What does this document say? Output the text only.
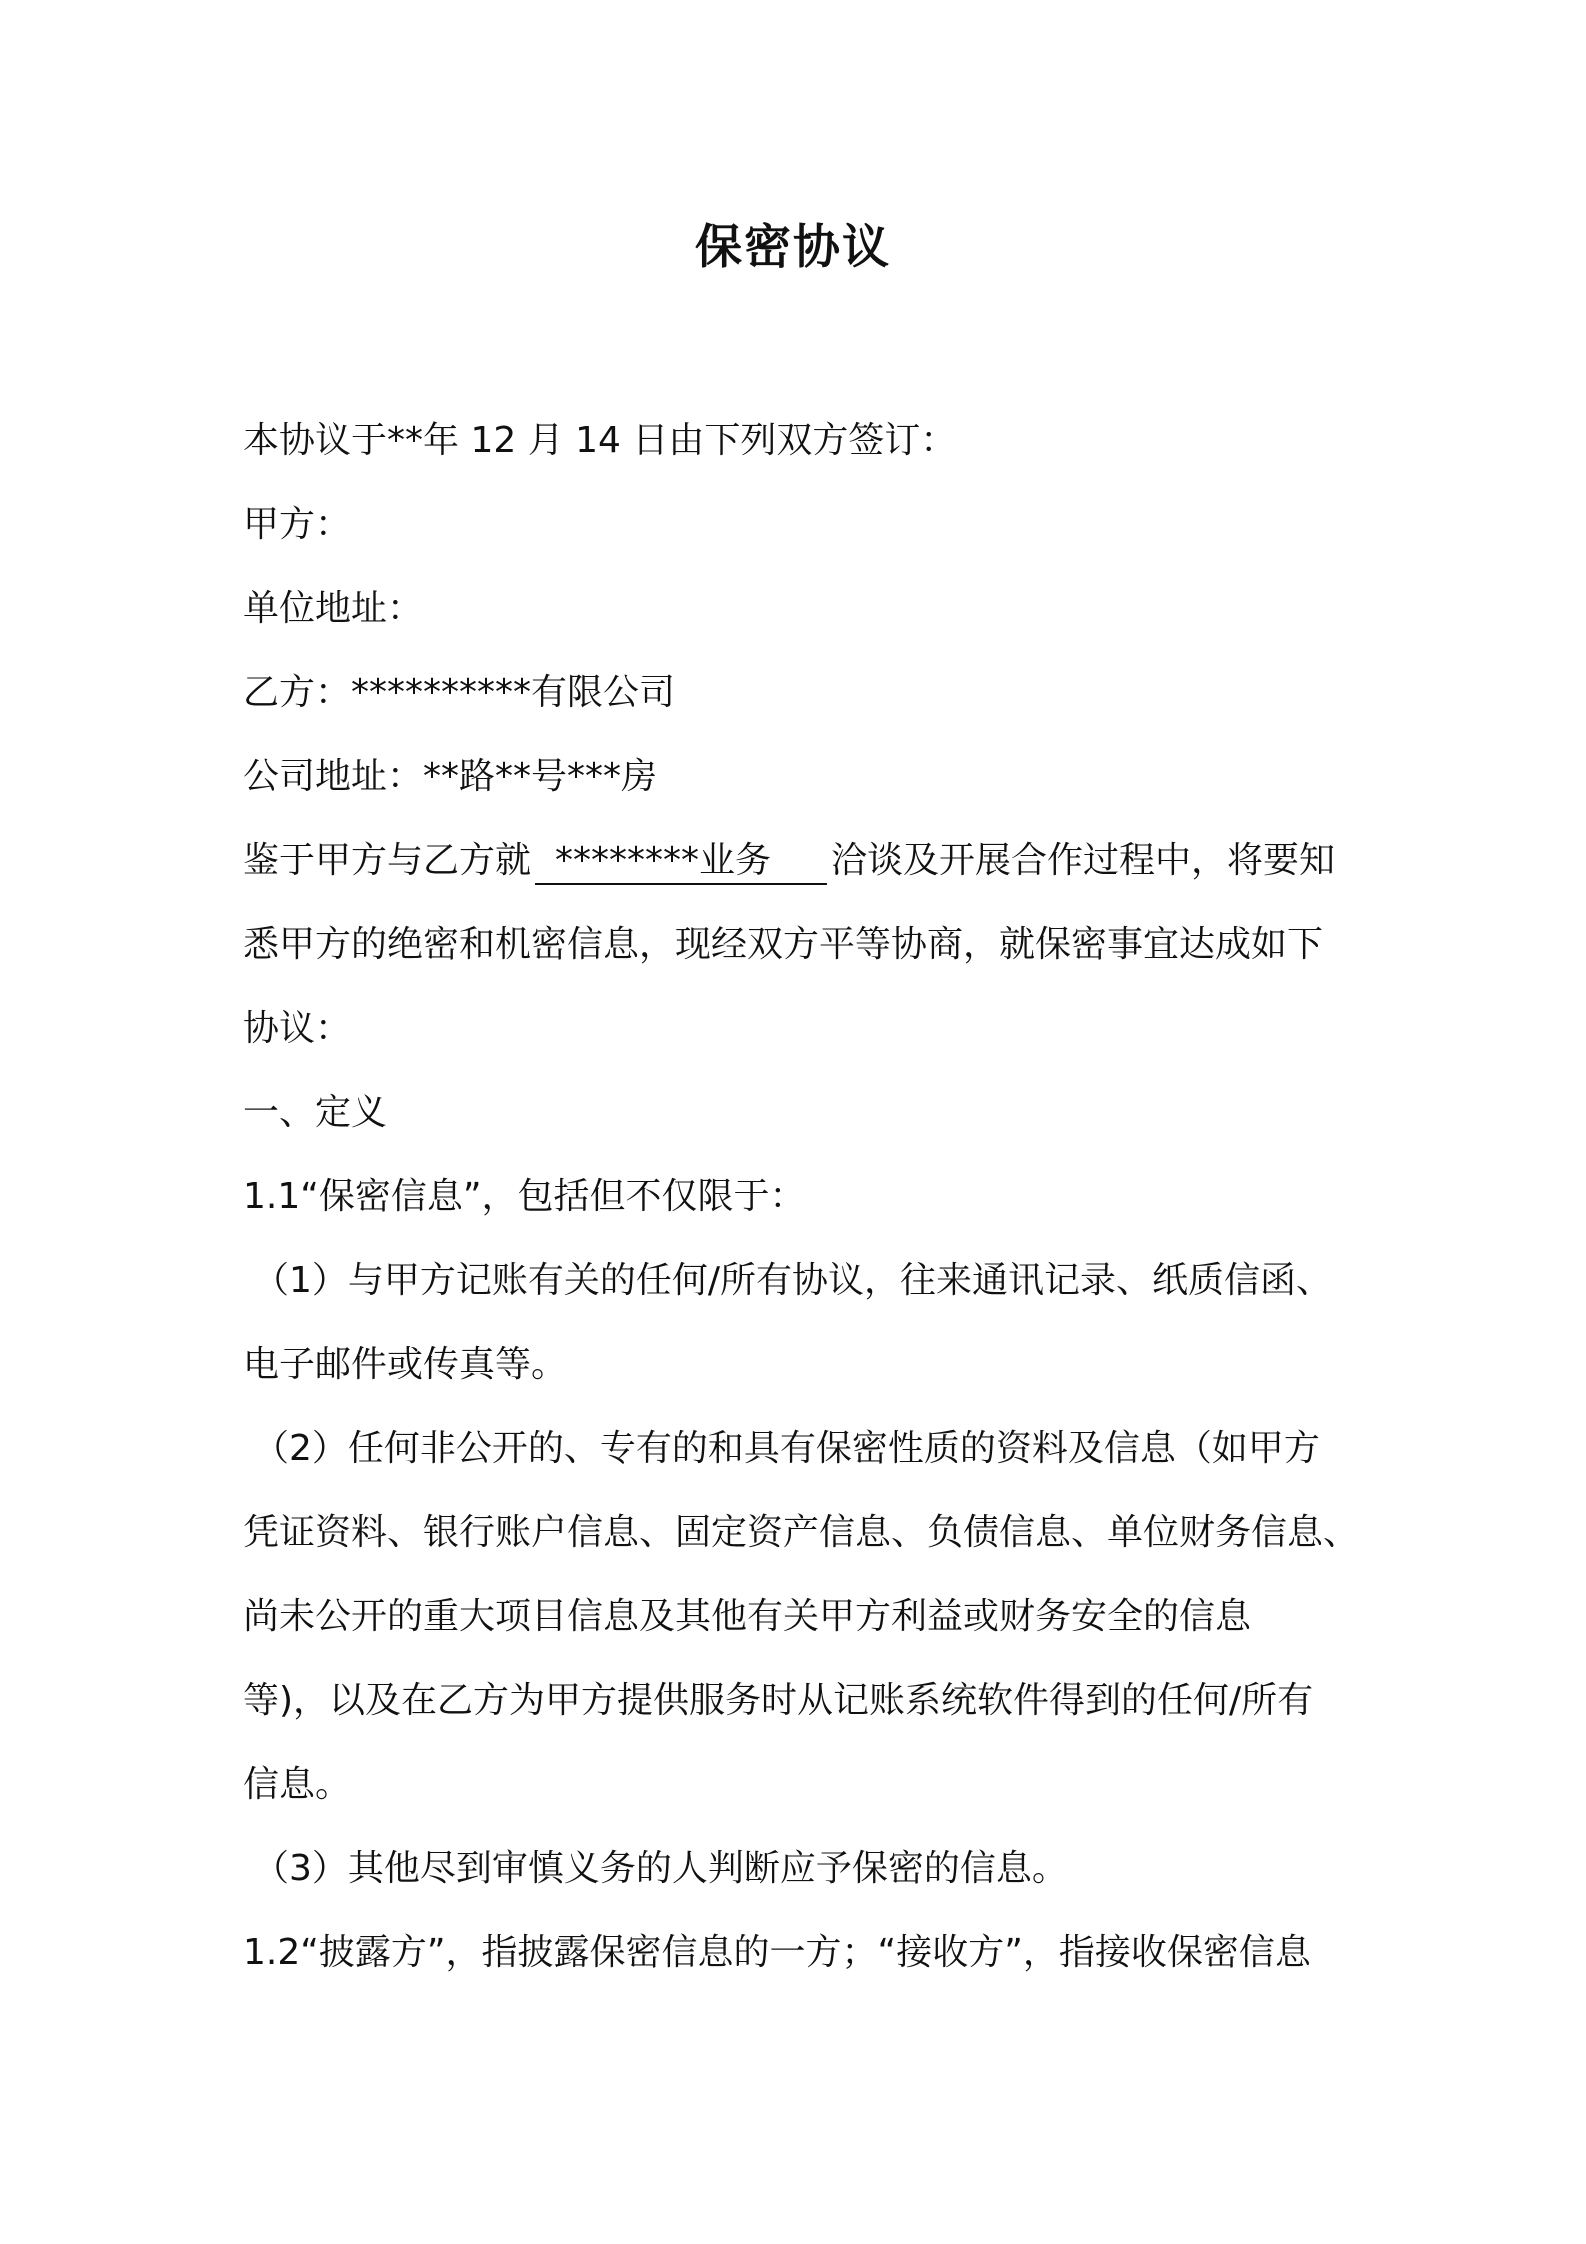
保密协议
本协议于**年 12 月 14 日由下列双方签订：
甲方：
单位地址：
乙方：**********有限公司
公司地址：**路**号***房
鉴于甲方与乙方就 ********业务 洽谈及开展合作过程中，将要知
悉甲方的绝密和机密信息，现经双方平等协商，就保密事宜达成如下
协议：
一、定义
1.1“保密信息”，包括但不仅限于：
（1）与甲方记账有关的任何/所有协议，往来通讯记录、纸质信函、
电子邮件或传真等。
（2）任何非公开的、专有的和具有保密性质的资料及信息（如甲方
凭证资料、银行账户信息、固定资产信息、负债信息、单位财务信息、
尚未公开的重大项目信息及其他有关甲方利益或财务安全的信息
等)，以及在乙方为甲方提供服务时从记账系统软件得到的任何/所有
信息。
（3）其他尽到审慎义务的人判断应予保密的信息。
1.2“披露方”，指披露保密信息的一方；“接收方”，指接收保密信息
